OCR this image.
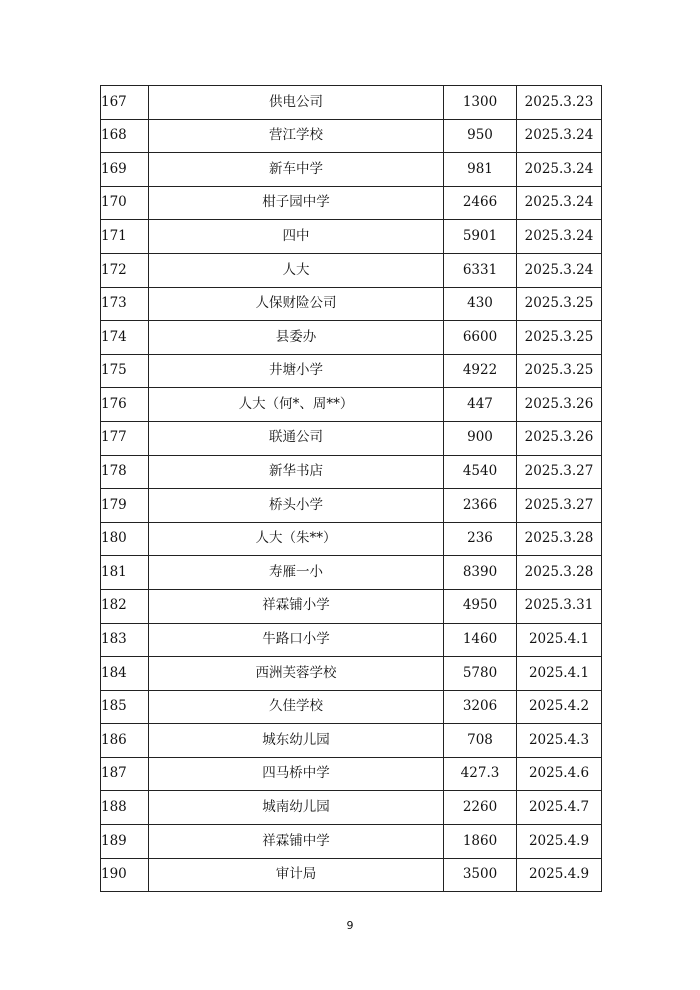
167	供电公司	1300	2025.3.23
168	营江学校	950	2025.3.24
169	新车中学	981	2025.3.24
170	柑子园中学	2466	2025.3.24
171	四中	5901	2025.3.24
172	人大	6331	2025.3.24
173	人保财险公司	430	2025.3.25
174	县委办	6600	2025.3.25
175	井塘小学	4922	2025.3.25
176	人大（何*、周**）	447	2025.3.26
177	联通公司	900	2025.3.26
178	新华书店	4540	2025.3.27
179	桥头小学	2366	2025.3.27
180	人大（朱**）	236	2025.3.28
181	寿雁一小	8390	2025.3.28
182	祥霖铺小学	4950	2025.3.31
183	牛路口小学	1460	2025.4.1
184	西洲芙蓉学校	5780	2025.4.1
185	久佳学校	3206	2025.4.2
186	城东幼儿园	708	2025.4.3
187	四马桥中学	427.3	2025.4.6
188	城南幼儿园	2260	2025.4.7
189	祥霖铺中学	1860	2025.4.9
190	审计局	3500	2025.4.9
9
